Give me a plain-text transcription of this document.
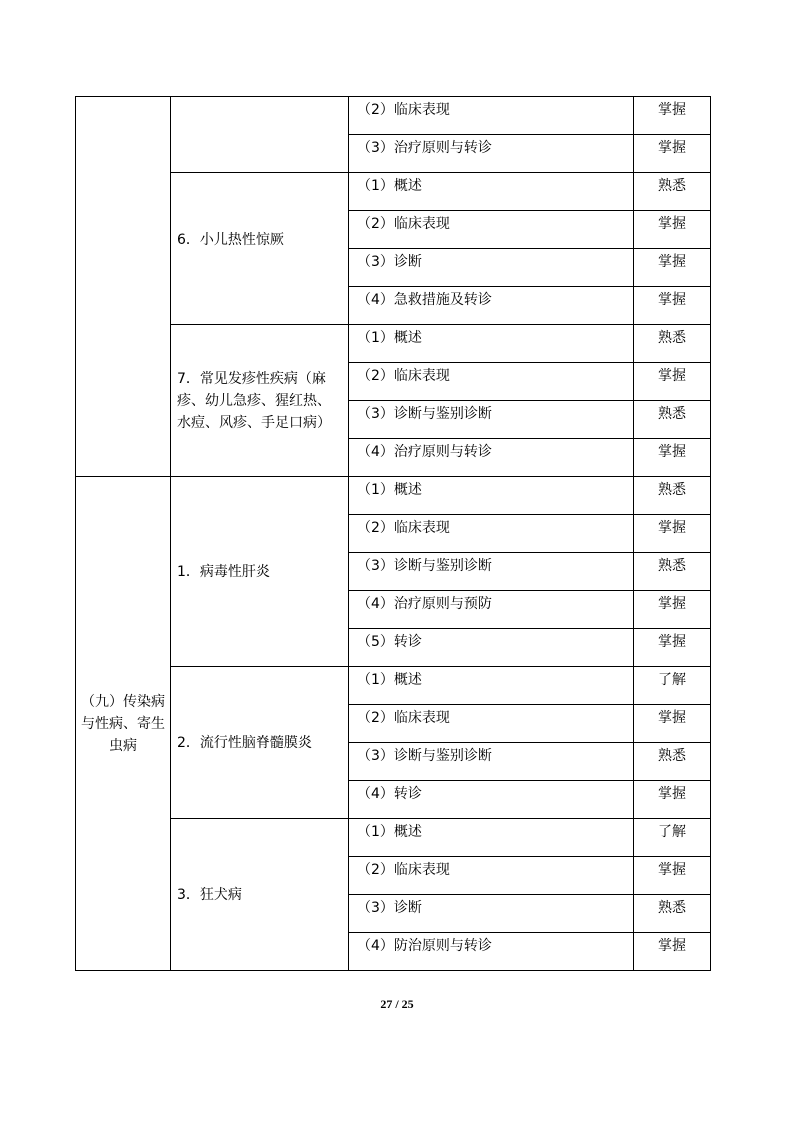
		（2）临床表现	掌握
		（3）治疗原则与转诊	掌握

	6．小儿热性惊厥	（1）概述	熟悉
		（2）临床表现	掌握
		（3）诊断	掌握
		（4）急救措施及转诊	掌握
	7．常见发疹性疾病（麻疹、幼儿急疹、猩红热、水痘、风疹、手足口病）	（1）概述	熟悉
		（2）临床表现	掌握
		（3）诊断与鉴别诊断	熟悉
		（4）治疗原则与转诊	掌握
（九）传染病与性病、寄生虫病	1．病毒性肝炎	（1）概述	熟悉
		（2）临床表现	掌握
		（3）诊断与鉴别诊断	熟悉
		（4）治疗原则与预防	掌握
		（5）转诊	掌握
	2．流行性脑脊髓膜炎	（1）概述	了解
		（2）临床表现	掌握
		（3）诊断与鉴别诊断	熟悉
		（4）转诊	掌握
	3．狂犬病	（1）概述	了解
		（2）临床表现	掌握
		（3）诊断	熟悉
		（4）防治原则与转诊	掌握
27 / 25
